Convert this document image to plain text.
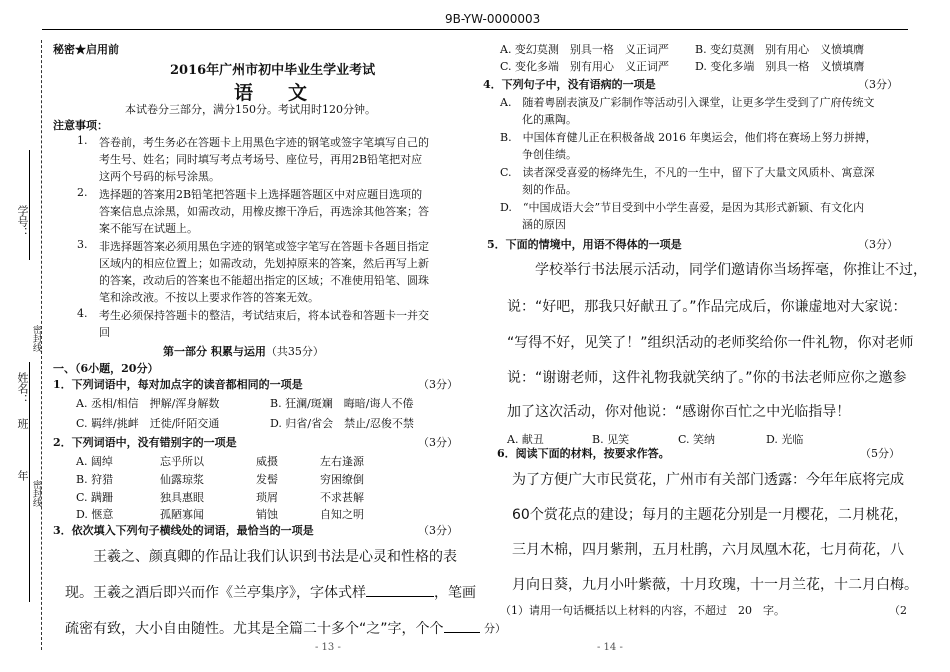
9B-YW-0000003
学号：
密封线
姓名：
班
年
密封线
秘密★启用前
2016年广州市初中毕业生学业考试
语　文
本试卷分三部分，满分150分。考试用时120分钟。
注意事项：
1. 答卷前，考生务必在答题卡上用黑色字迹的钢笔或签字笔填写自己的
考生号、姓名；同时填写考点考场号、座位号，再用2B铅笔把对应
这两个号码的标号涂黑。
2. 选择题的答案用2B铅笔把答题卡上选择题答题区中对应题目选项的
答案信息点涂黑，如需改动，用橡皮擦干净后，再选涂其他答案；答
案不能写在试题上。
3. 非选择题答案必须用黑色字迹的钢笔或签字笔写在答题卡各题目指定
区域内的相应位置上；如需改动，先划掉原来的答案，然后再写上新
的答案，改动后的答案也不能超出指定的区域；不准使用铅笔、圆珠
笔和涂改液。不按以上要求作答的答案无效。
4. 考生必须保持答题卡的整洁，考试结束后，将本试卷和答题卡一并交
回
第一部分 积累与运用（共35分）
一、（6小题，20分）
1．下列词语中，每对加点字的读音都相同的一项是	（3分）
A. 丞相/相信　押解/浑身解数	B. 狂澜/斑斓　晦暗/诲人不倦
C. 羁绊/挑衅　迁徙/阡陌交通	D. 归省/省会　禁止/忍俊不禁
2．下列词语中，没有错别字的一项是	（3分）
A. 阔绰	忘乎所以	威摄	左右逢源
B. 狩猎	仙露琼浆	发髻	穷困缭倒
C. 蹒跚	独具惠眼	琐屑	不求甚解
D. 惬意	孤陋寡闻	销蚀	自知之明
3．依次填入下列句子横线处的词语，最恰当的一项是	（3分）
王羲之、颜真卿的作品让我们认识到书法是心灵和性格的表
现。王羲之酒后即兴而作《兰亭集序》，字体式样	，笔画
疏密有致，大小自由随性。尤其是全篇二十多个“之”字，个个
- 13 -
A. 变幻莫测　别具一格　义正词严 B. 变幻莫测　别有用心　义愤填膺
C. 变化多端　别有用心　义正词严 D. 变化多端　别具一格　义愤填膺
4．下列句子中，没有语病的一项是	（3分）
A.　随着粤剧表演及广彩制作等活动引入课堂，让更多学生受到了广府传统文
化的熏陶。
B.　中国体育健儿正在积极备战 2016 年奥运会，他们将在赛场上努力拼搏，
争创佳绩。
C.　读者深受喜爱的杨绛先生，不凡的一生中，留下了大量文风质朴、寓意深
刻的作品。
D.　“中国成语大会”节目受到中小学生喜爱，是因为其形式新颖、有文化内
涵的原因
5．下面的情境中，用语不得体的一项是	（3分）
学校举行书法展示活动，同学们邀请你当场挥毫，你推让不过，
说：“好吧，那我只好献丑了。”作品完成后，你谦虚地对大家说：
“写得不好，见笑了！”组织活动的老师奖给你一件礼物，你对老师
说：“谢谢老师，这件礼物我就笑纳了。”你的书法老师应你之邀参
加了这次活动，你对他说：“感谢你百忙之中光临指导！
A. 献丑	B. 见笑	C. 笑纳	D. 光临
6．阅读下面的材料，按要求作答。	（5分）
为了方便广大市民赏花，广州市有关部门透露：今年年底将完成
60个赏花点的建设；每月的主题花分别是一月樱花，二月桃花，
三月木棉，四月紫荆，五月杜鹃，六月凤凰木花，七月荷花，八
月向日葵，九月小叶紫薇，十月玫瑰，十一月兰花，十二月白梅。
（1）请用一句话概括以上材料的内容，不超过　20　字。	（2
分）
- 14 -
